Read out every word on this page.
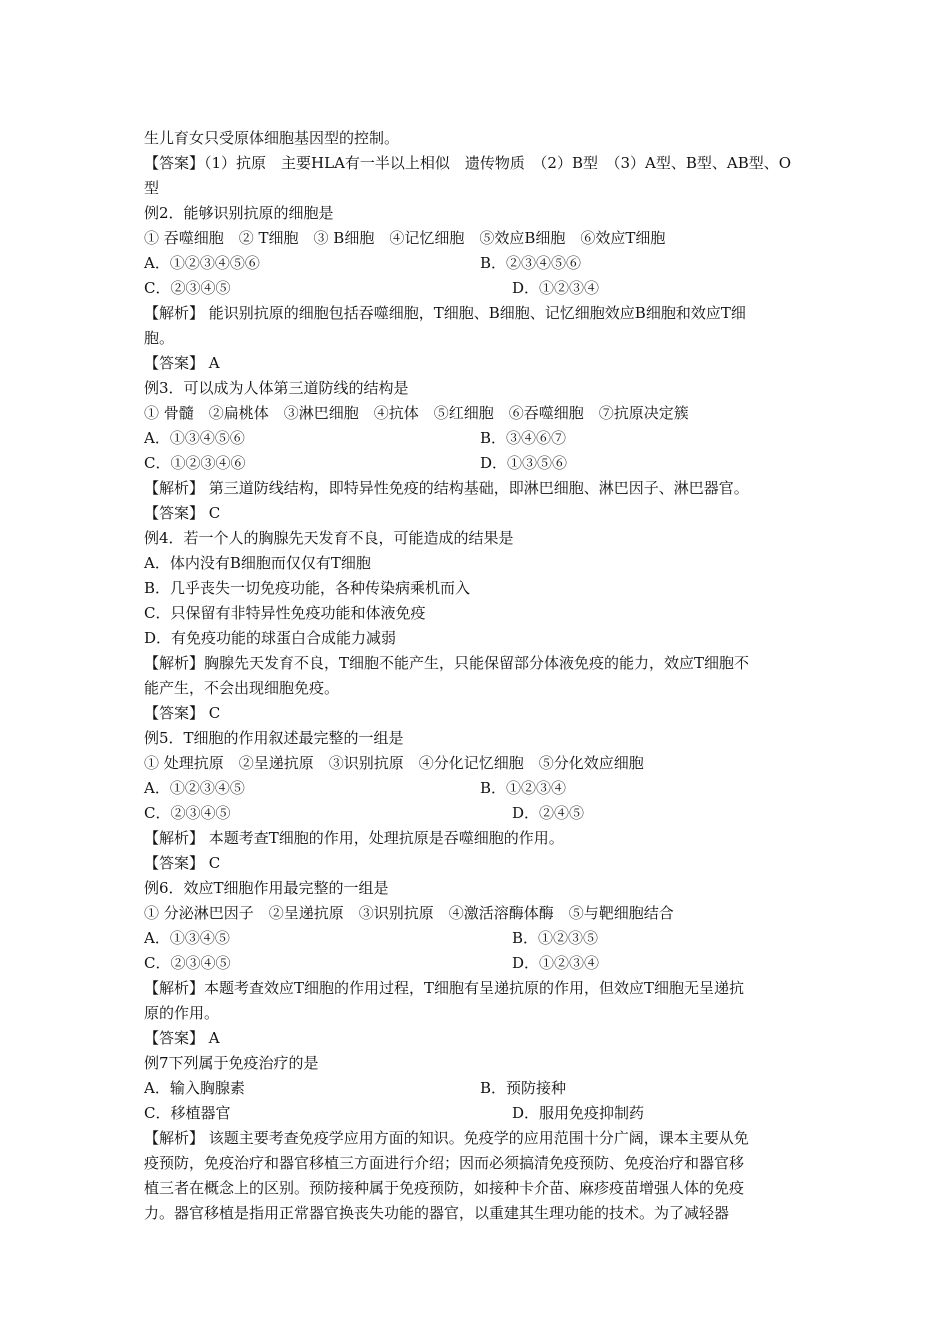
生儿育女只受原体细胞基因型的控制。
【答案】（1）抗原　主要HLA有一半以上相似　遗传物质　（2）B型　（3）A型、B型、AB型、O
型
例2．能够识别抗原的细胞是
① 吞噬细胞　② T细胞　③ B细胞　④记忆细胞　⑤效应B细胞　⑥效应T细胞
A．①②③④⑤⑥	B．②③④⑤⑥
C．②③④⑤	D．①②③④
【解析】 能识别抗原的细胞包括吞噬细胞，T细胞、B细胞、记忆细胞效应B细胞和效应T细
胞。
【答案】 A
例3．可以成为人体第三道防线的结构是
① 骨髓　②扁桃体　③淋巴细胞　④抗体　⑤红细胞　⑥吞噬细胞　⑦抗原决定簇
A．①③④⑤⑥	B．③④⑥⑦
C．①②③④⑥	D．①③⑤⑥
【解析】 第三道防线结构，即特异性免疫的结构基础，即淋巴细胞、淋巴因子、淋巴器官。
【答案】 C
例4．若一个人的胸腺先天发育不良，可能造成的结果是
A．体内没有B细胞而仅仅有T细胞
B．几乎丧失一切免疫功能，各种传染病乘机而入
C．只保留有非特异性免疫功能和体液免疫
D．有免疫功能的球蛋白合成能力减弱
【解析】胸腺先天发育不良，T细胞不能产生，只能保留部分体液免疫的能力，效应T细胞不
能产生，不会出现细胞免疫。
【答案】 C
例5．T细胞的作用叙述最完整的一组是
① 处理抗原　②呈递抗原　③识别抗原　④分化记忆细胞　⑤分化效应细胞
A．①②③④⑤	B．①②③④
C．②③④⑤	D．②④⑤
【解析】 本题考查T细胞的作用，处理抗原是吞噬细胞的作用。
【答案】 C
例6．效应T细胞作用最完整的一组是
① 分泌淋巴因子　②呈递抗原　③识别抗原　④激活溶酶体酶　⑤与靶细胞结合
A．①③④⑤	B．①②③⑤
C．②③④⑤	D．①②③④
【解析】本题考查效应T细胞的作用过程，T细胞有呈递抗原的作用，但效应T细胞无呈递抗
原的作用。
【答案】 A
例7下列属于免疫治疗的是
A．输入胸腺素	B．预防接种
C．移植器官	D．服用免疫抑制药
【解析】 该题主要考查免疫学应用方面的知识。免疫学的应用范围十分广阔，课本主要从免
疫预防，免疫治疗和器官移植三方面进行介绍；因而必须搞清免疫预防、免疫治疗和器官移
植三者在概念上的区别。预防接种属于免疫预防，如接种卡介苗、麻疹疫苗增强人体的免疫
力。器官移植是指用正常器官换丧失功能的器官，以重建其生理功能的技术。为了减轻器
